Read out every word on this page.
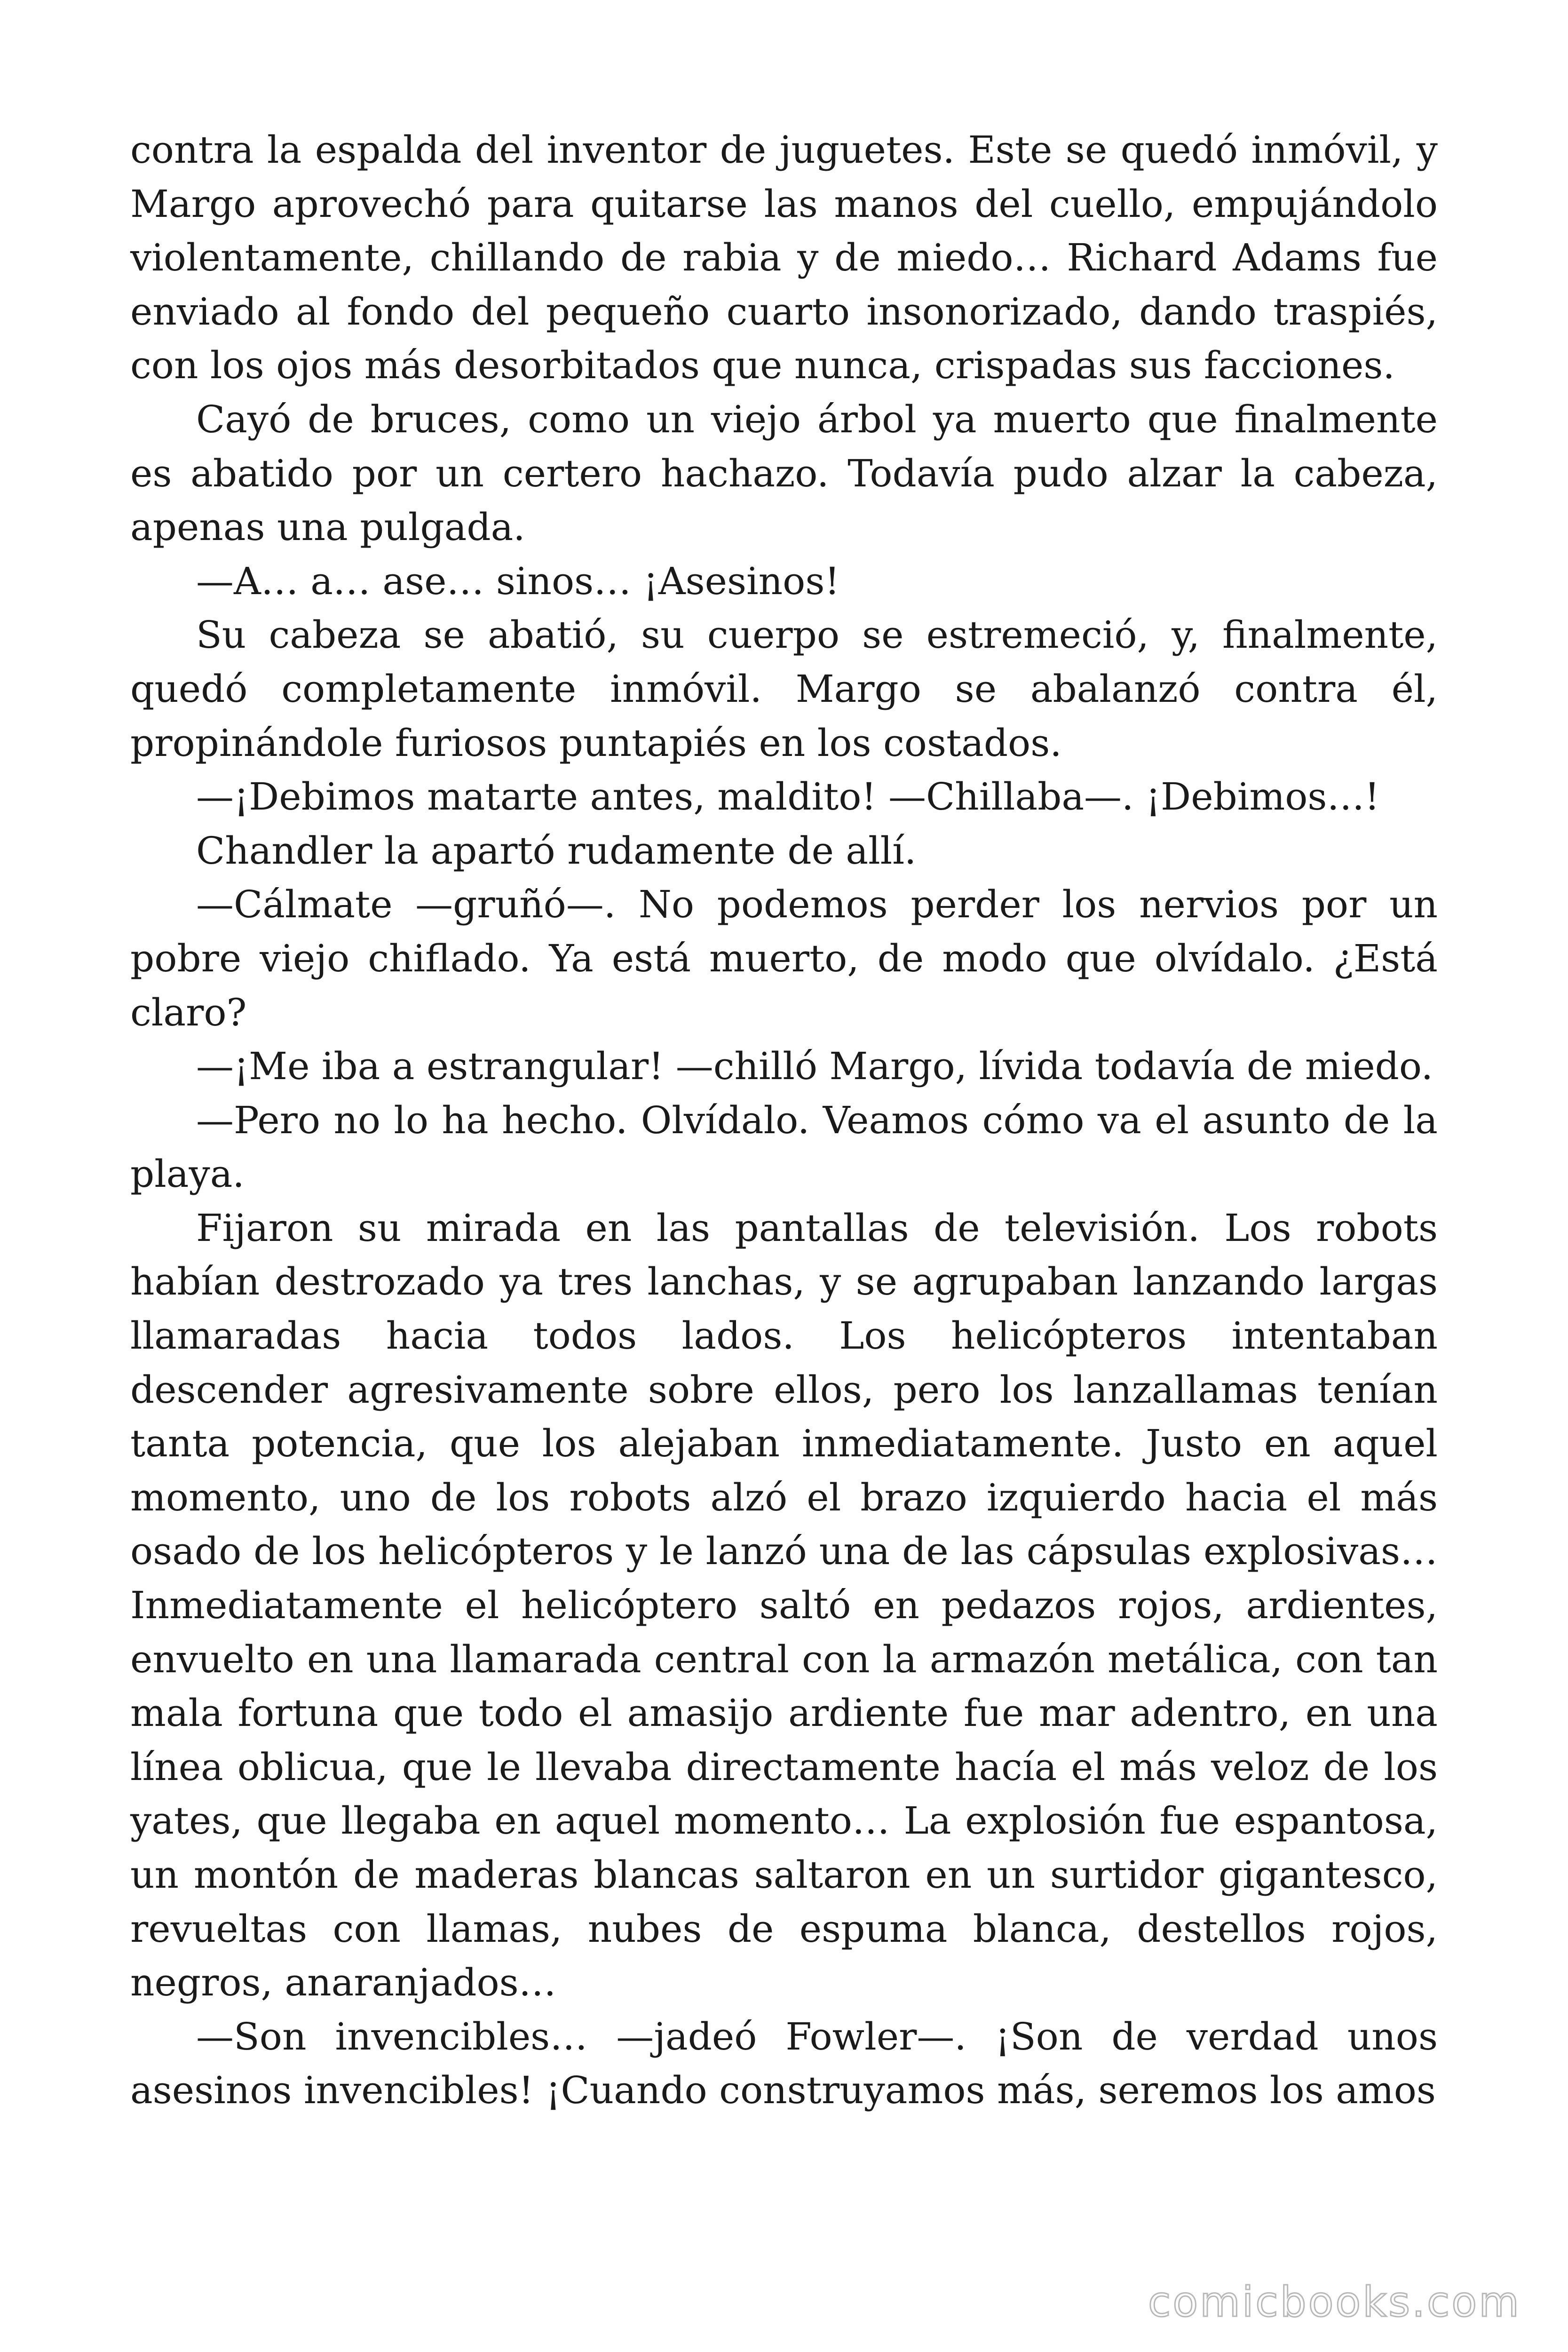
contra la espalda del inventor de juguetes. Este se quedó inmóvil, y Margo aprovechó para quitarse las manos del cuello, empujándolo violentamente, chillando de rabia y de miedo… Richard Adams fue enviado al fondo del pequeño cuarto insonorizado, dando traspiés, con los ojos más desorbitados que nunca, crispadas sus facciones.

Cayó de bruces, como un viejo árbol ya muerto que finalmente es abatido por un certero hachazo. Todavía pudo alzar la cabeza, apenas una pulgada.

—A… a… ase… sinos… ¡Asesinos!

Su cabeza se abatió, su cuerpo se estremeció, y, finalmente, quedó completamente inmóvil. Margo se abalanzó contra él, propinándole furiosos puntapiés en los costados.

—¡Debimos matarte antes, maldito! —Chillaba—. ¡Debimos…!

Chandler la apartó rudamente de allí.

—Cálmate —gruñó—. No podemos perder los nervios por un pobre viejo chiflado. Ya está muerto, de modo que olvídalo. ¿Está claro?

—¡Me iba a estrangular! —chilló Margo, lívida todavía de miedo.

—Pero no lo ha hecho. Olvídalo. Veamos cómo va el asunto de la playa.

Fijaron su mirada en las pantallas de televisión. Los robots habían destrozado ya tres lanchas, y se agrupaban lanzando largas llamaradas hacia todos lados. Los helicópteros intentaban descender agresivamente sobre ellos, pero los lanzallamas tenían tanta potencia, que los alejaban inmediatamente. Justo en aquel momento, uno de los robots alzó el brazo izquierdo hacia el más osado de los helicópteros y le lanzó una de las cápsulas explosivas… Inmediatamente el helicóptero saltó en pedazos rojos, ardientes, envuelto en una llamarada central con la armazón metálica, con tan mala fortuna que todo el amasijo ardiente fue mar adentro, en una línea oblicua, que le llevaba directamente hacía el más veloz de los yates, que llegaba en aquel momento… La explosión fue espantosa, un montón de maderas blancas saltaron en un surtidor gigantesco, revueltas con llamas, nubes de espuma blanca, destellos rojos, negros, anaranjados…

—Son invencibles… —jadeó Fowler—. ¡Son de verdad unos asesinos invencibles! ¡Cuando construyamos más, seremos los amos

comicbooks.com
